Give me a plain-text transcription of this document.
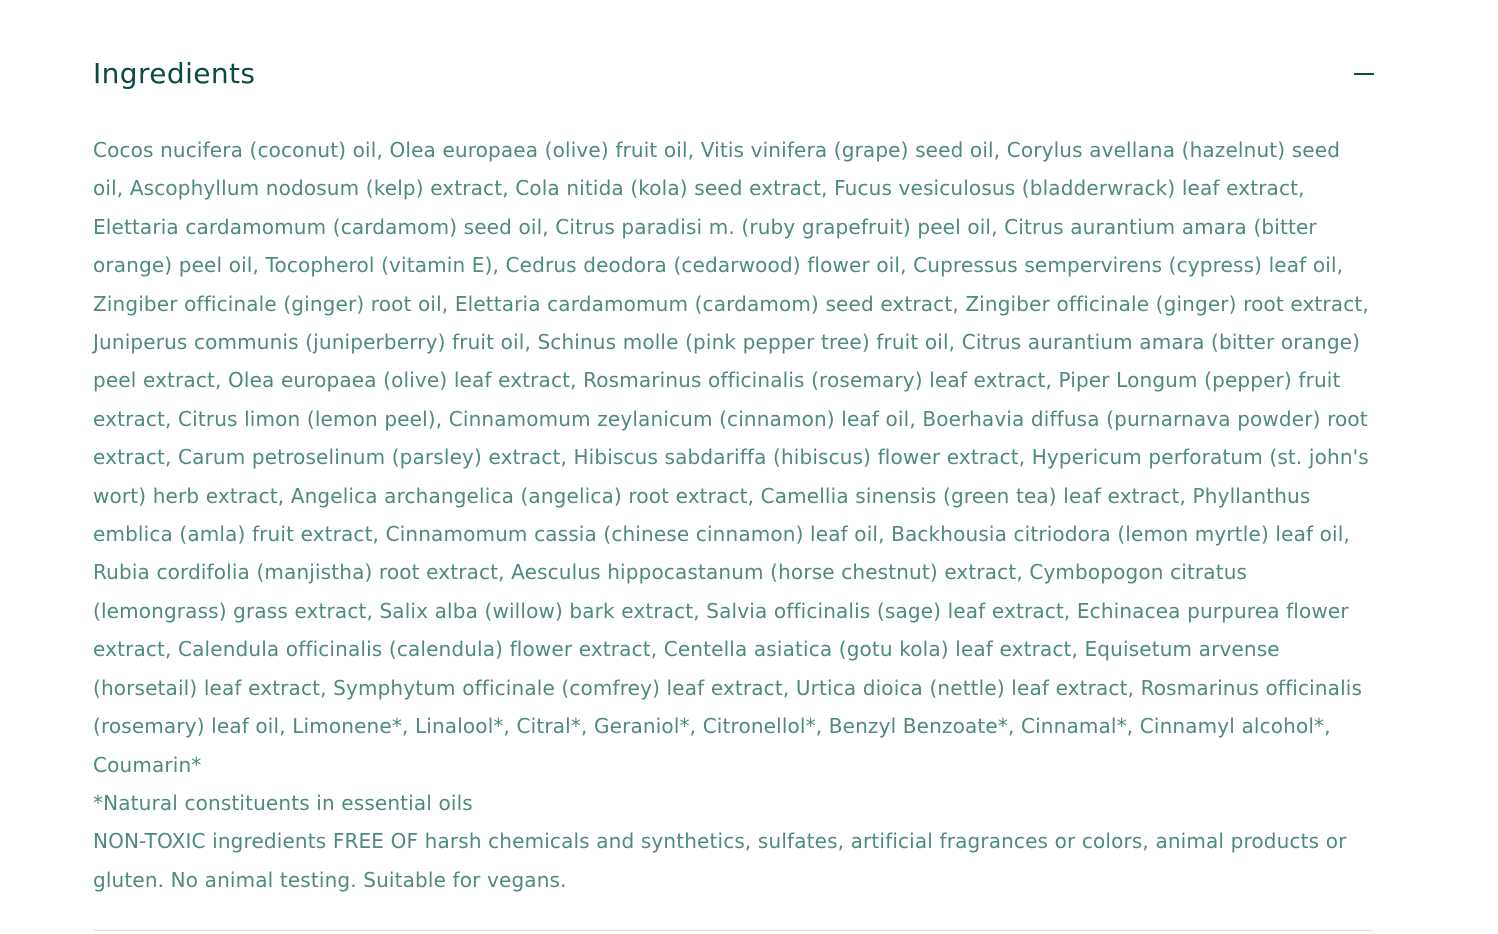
Ingredients

Cocos nucifera (coconut) oil, Olea europaea (olive) fruit oil, Vitis vinifera (grape) seed oil, Corylus avellana (hazelnut) seed oil, Ascophyllum nodosum (kelp) extract, Cola nitida (kola) seed extract, Fucus vesiculosus (bladderwrack) leaf extract, Elettaria cardamomum (cardamom) seed oil, Citrus paradisi m. (ruby grapefruit) peel oil, Citrus aurantium amara (bitter orange) peel oil, Tocopherol (vitamin E), Cedrus deodora (cedarwood) flower oil, Cupressus sempervirens (cypress) leaf oil, Zingiber officinale (ginger) root oil, Elettaria cardamomum (cardamom) seed extract, Zingiber officinale (ginger) root extract, Juniperus communis (juniperberry) fruit oil, Schinus molle (pink pepper tree) fruit oil, Citrus aurantium amara (bitter orange) peel extract, Olea europaea (olive) leaf extract, Rosmarinus officinalis (rosemary) leaf extract, Piper Longum (pepper) fruit extract, Citrus limon (lemon peel), Cinnamomum zeylanicum (cinnamon) leaf oil, Boerhavia diffusa (purnarnava powder) root extract, Carum petroselinum (parsley) extract, Hibiscus sabdariffa (hibiscus) flower extract, Hypericum perforatum (st. john's wort) herb extract, Angelica archangelica (angelica) root extract, Camellia sinensis (green tea) leaf extract, Phyllanthus emblica (amla) fruit extract, Cinnamomum cassia (chinese cinnamon) leaf oil, Backhousia citriodora (lemon myrtle) leaf oil, Rubia cordifolia (manjistha) root extract, Aesculus hippocastanum (horse chestnut) extract, Cymbopogon citratus (lemongrass) grass extract, Salix alba (willow) bark extract, Salvia officinalis (sage) leaf extract, Echinacea purpurea flower extract, Calendula officinalis (calendula) flower extract, Centella asiatica (gotu kola) leaf extract, Equisetum arvense (horsetail) leaf extract, Symphytum officinale (comfrey) leaf extract, Urtica dioica (nettle) leaf extract, Rosmarinus officinalis (rosemary) leaf oil, Limonene*, Linalool*, Citral*, Geraniol*, Citronellol*, Benzyl Benzoate*, Cinnamal*, Cinnamyl alcohol*, Coumarin*

*Natural constituents in essential oils

NON-TOXIC ingredients FREE OF harsh chemicals and synthetics, sulfates, artificial fragrances or colors, animal products or gluten. No animal testing. Suitable for vegans.
